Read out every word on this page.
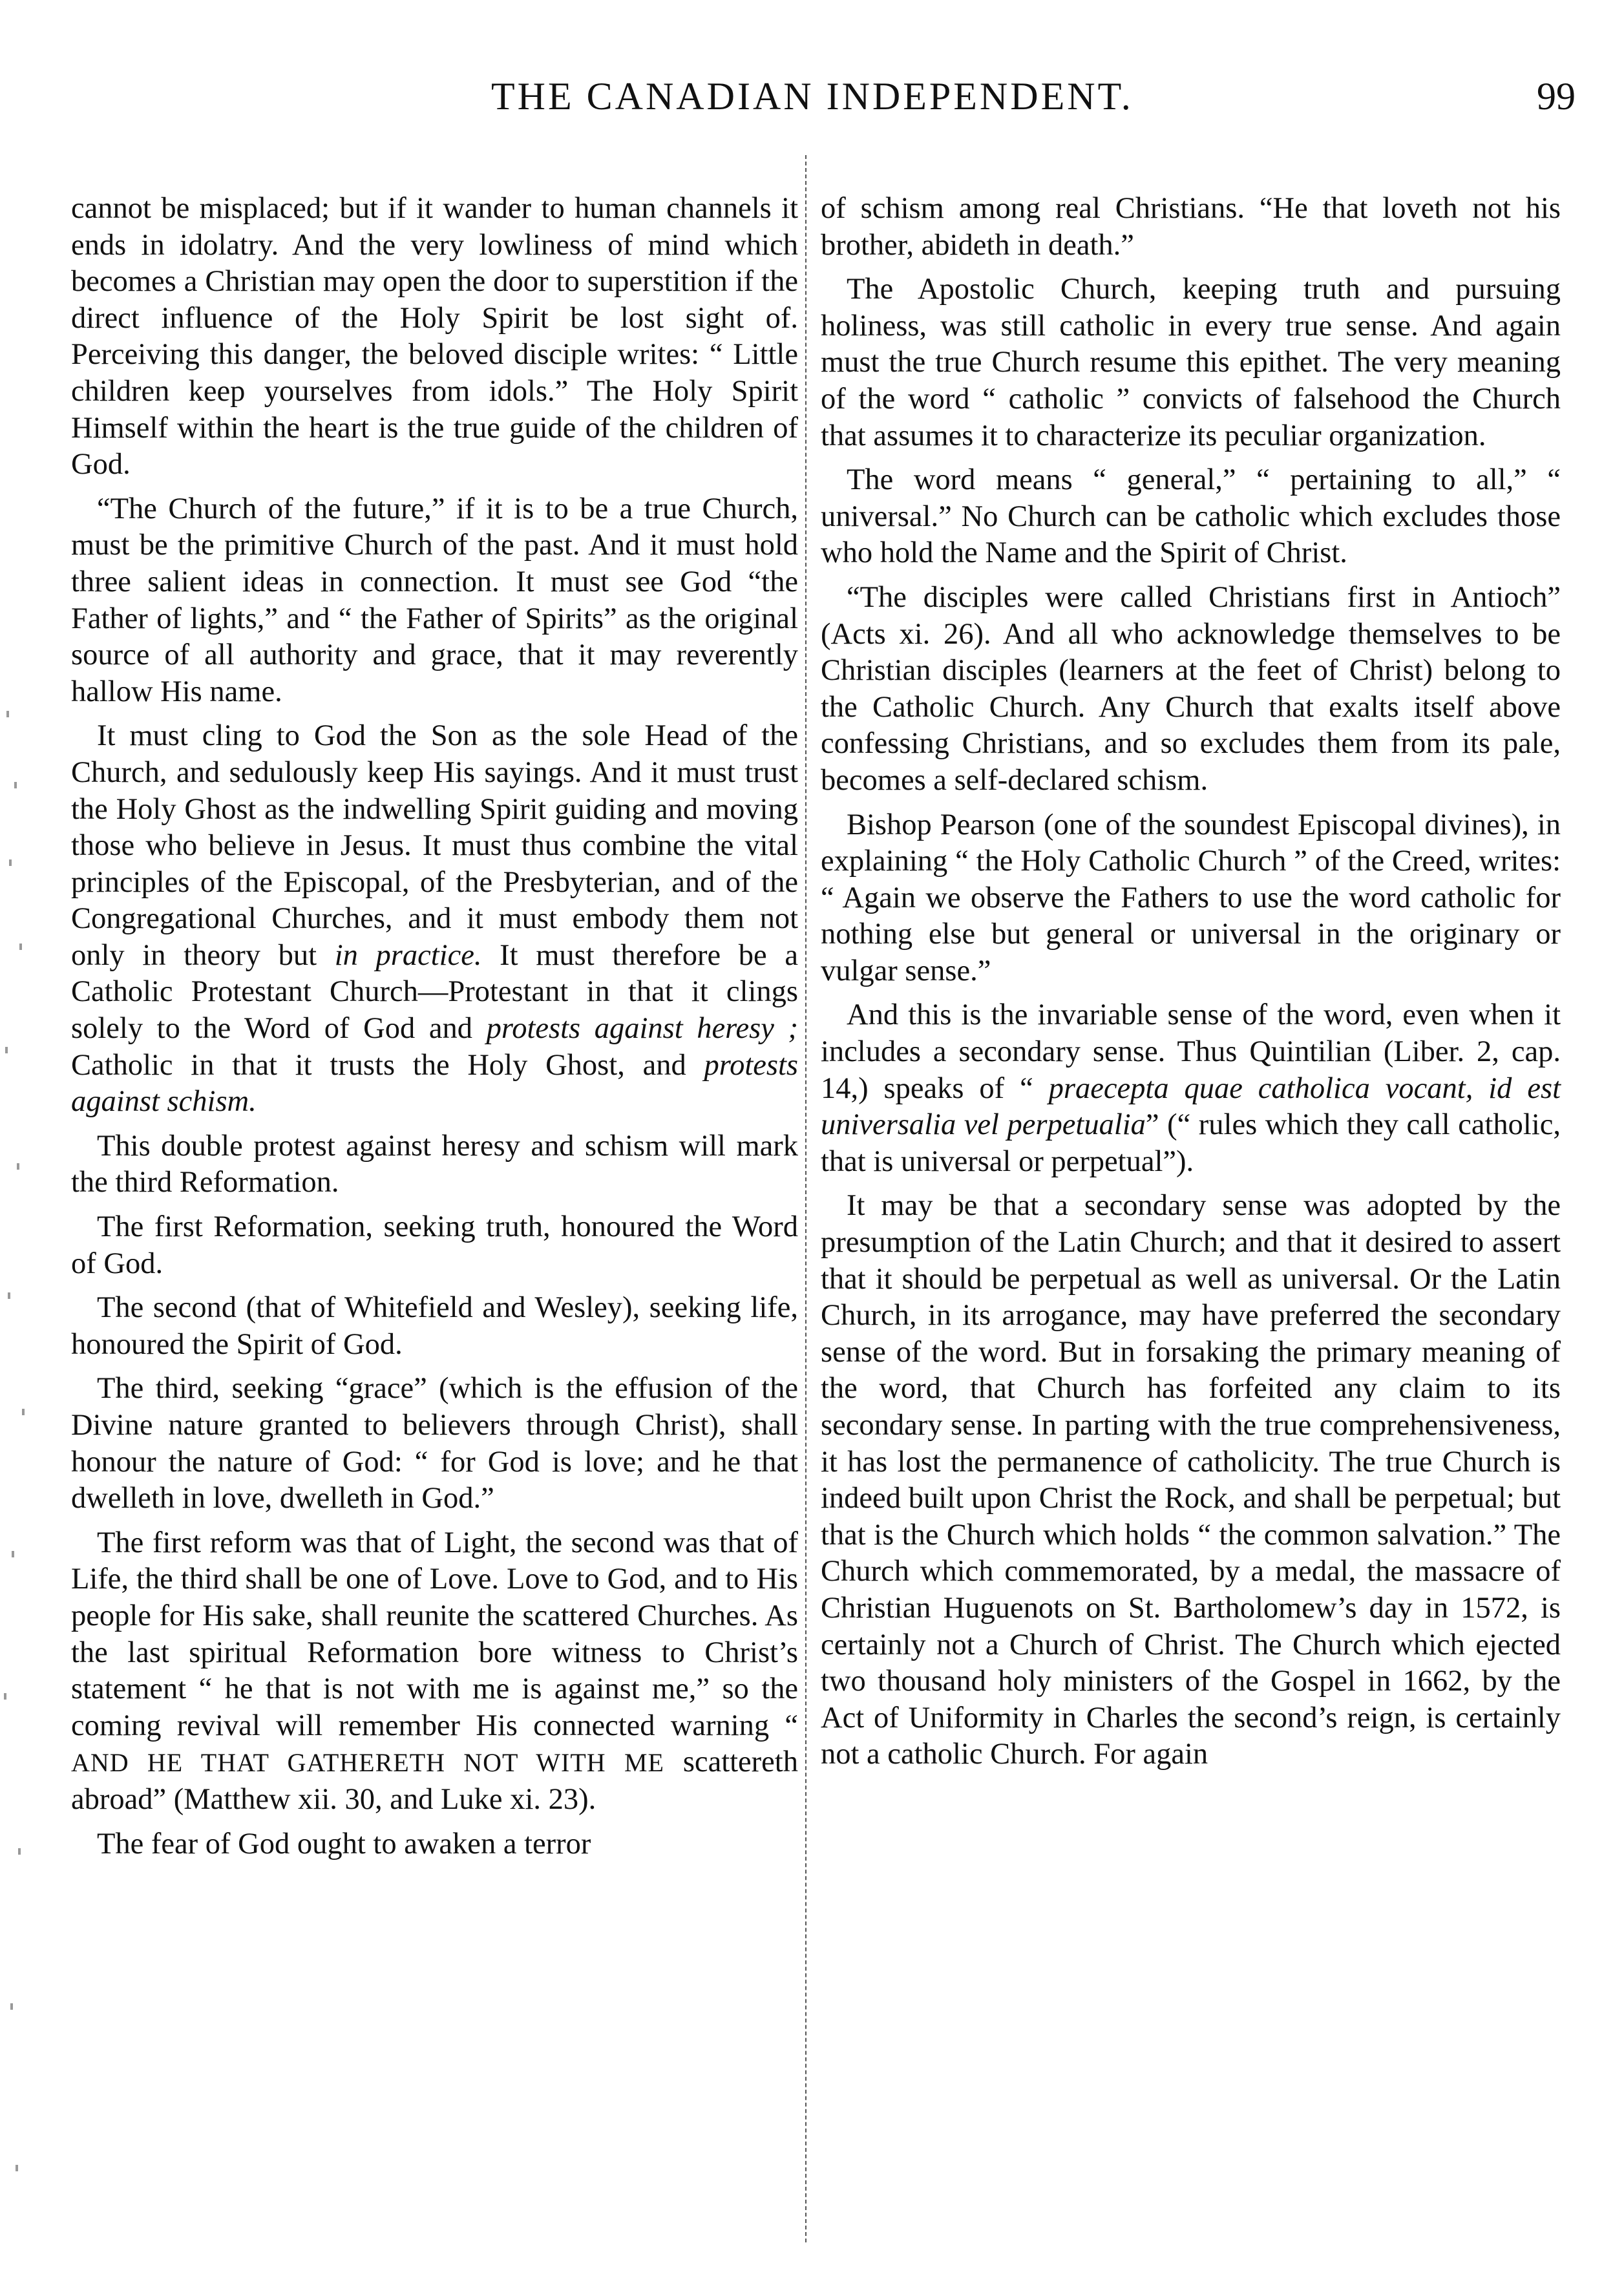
THE CANADIAN INDEPENDENT.	99

cannot be misplaced; but if it wander to human channels it ends in idolatry. And the very lowliness of mind which becomes a Christian may open the door to superstition if the direct influence of the Holy Spirit be lost sight of. Perceiving this danger, the beloved disciple writes: “ Little children keep yourselves from idols.” The Holy Spirit Himself within the heart is the true guide of the children of God.

“The Church of the future,” if it is to be a true Church, must be the primitive Church of the past. And it must hold three salient ideas in connection. It must see God “the Father of lights,” and “ the Father of Spirits” as the original source of all authority and grace, that it may reverently hallow His name.

It must cling to God the Son as the sole Head of the Church, and sedulously keep His sayings. And it must trust the Holy Ghost as the indwelling Spirit guiding and moving those who believe in Jesus. It must thus combine the vital principles of the Episcopal, of the Presbyterian, and of the Congregational Churches, and it must embody them not only in theory but in practice. It must therefore be a Catholic Protestant Church—Protestant in that it clings solely to the Word of God and protests against heresy ; Catholic in that it trusts the Holy Ghost, and protests against schism.

This double protest against heresy and schism will mark the third Reformation.

The first Reformation, seeking truth, honoured the Word of God.

The second (that of Whitefield and Wesley), seeking life, honoured the Spirit of God.

The third, seeking “grace” (which is the effusion of the Divine nature granted to believers through Christ), shall honour the nature of God: “ for God is love; and he that dwelleth in love, dwelleth in God.”

The first reform was that of Light, the second was that of Life, the third shall be one of Love. Love to God, and to His people for His sake, shall reunite the scattered Churches. As the last spiritual Reformation bore witness to Christ’s statement “ he that is not with me is against me,” so the coming revival will remember His connected warning “ AND HE THAT GATHERETH NOT WITH ME scattereth abroad” (Matthew xii. 30, and Luke xi. 23).

The fear of God ought to awaken a terror

of schism among real Christians. “He that loveth not his brother, abideth in death.”

The Apostolic Church, keeping truth and pursuing holiness, was still catholic in every true sense. And again must the true Church resume this epithet. The very meaning of the word “ catholic ” convicts of falsehood the Church that assumes it to characterize its peculiar organization.

The word means “ general,” “ pertaining to all,” “ universal.” No Church can be catholic which excludes those who hold the Name and the Spirit of Christ.

“The disciples were called Christians first in Antioch” (Acts xi. 26). And all who acknowledge themselves to be Christian disciples (learners at the feet of Christ) belong to the Catholic Church. Any Church that exalts itself above confessing Christians, and so excludes them from its pale, becomes a self-declared schism.

Bishop Pearson (one of the soundest Episcopal divines), in explaining “ the Holy Catholic Church ” of the Creed, writes: “ Again we observe the Fathers to use the word catholic for nothing else but general or universal in the originary or vulgar sense.”

And this is the invariable sense of the word, even when it includes a secondary sense. Thus Quintilian (Liber. 2, cap. 14,) speaks of “ praecepta quae catholica vocant, id est universalia vel perpetualia” (“ rules which they call catholic, that is universal or perpetual”).

It may be that a secondary sense was adopted by the presumption of the Latin Church; and that it desired to assert that it should be perpetual as well as universal. Or the Latin Church, in its arrogance, may have preferred the secondary sense of the word. But in forsaking the primary meaning of the word, that Church has forfeited any claim to its secondary sense. In parting with the true comprehensiveness, it has lost the permanence of catholicity. The true Church is indeed built upon Christ the Rock, and shall be perpetual; but that is the Church which holds “ the common salvation.” The Church which commemorated, by a medal, the massacre of Christian Huguenots on St. Bartholomew’s day in 1572, is certainly not a Church of Christ. The Church which ejected two thousand holy ministers of the Gospel in 1662, by the Act of Uniformity in Charles the second’s reign, is certainly not a catholic Church. For again
